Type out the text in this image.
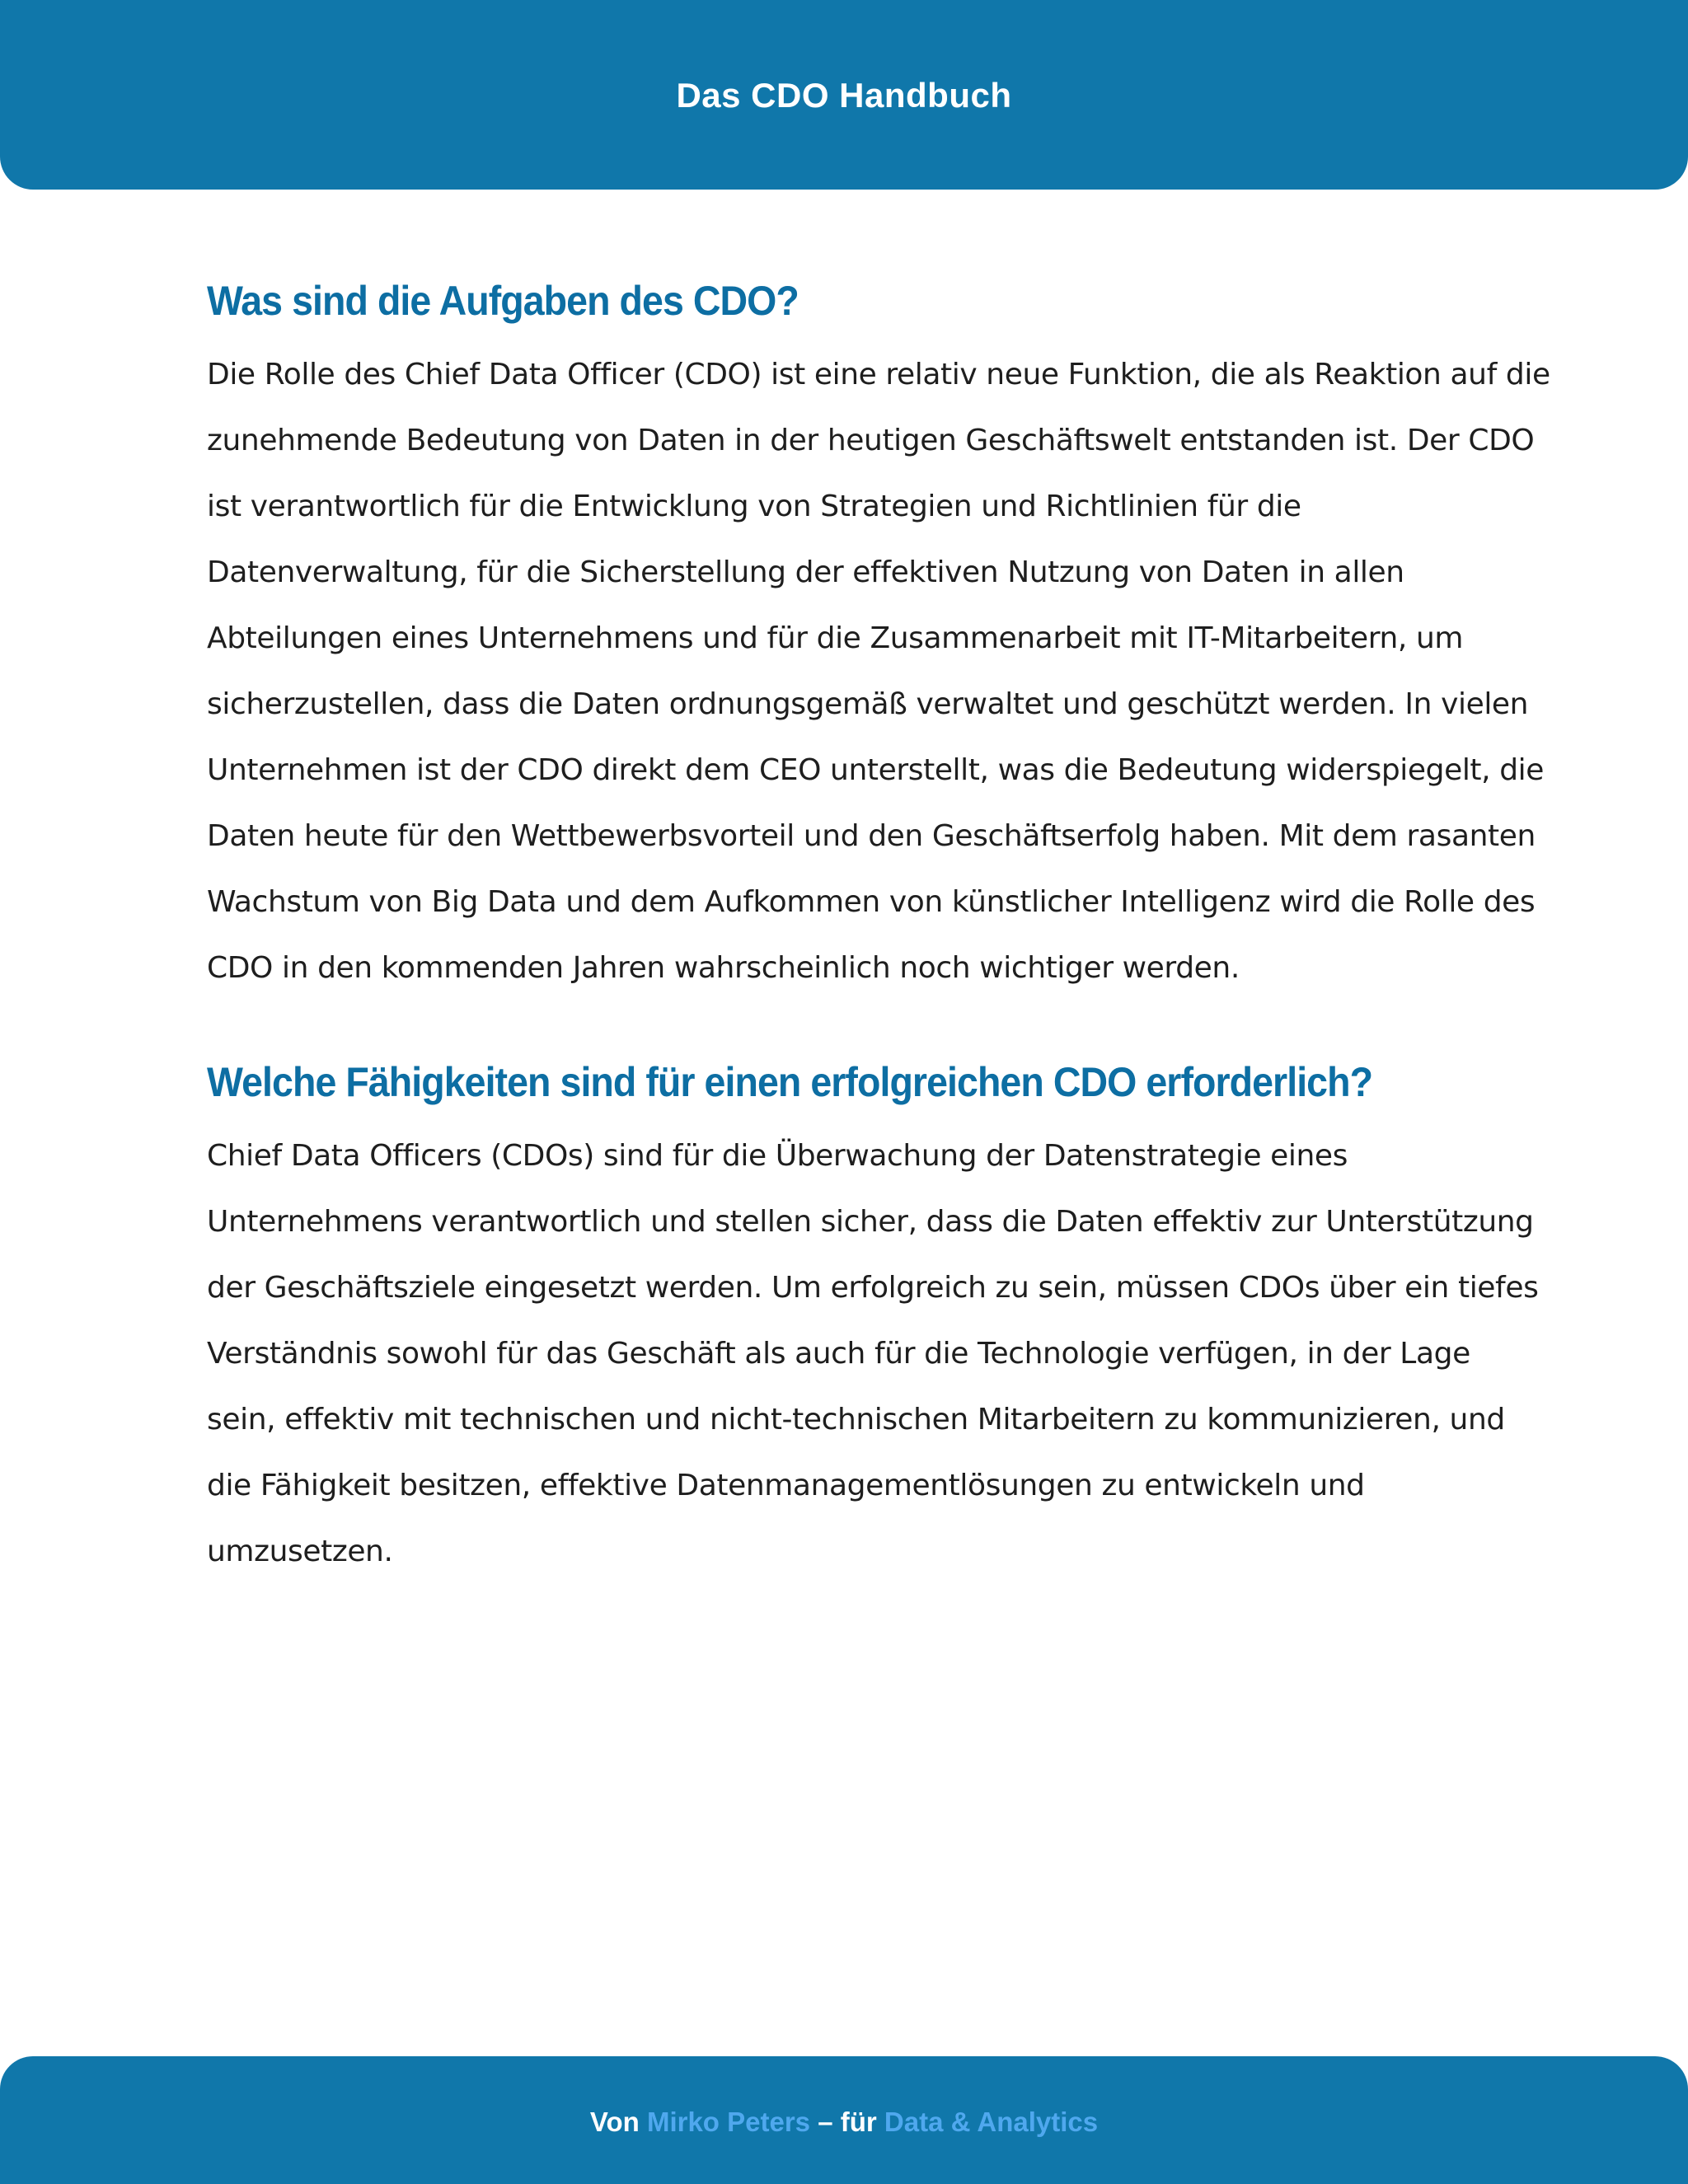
Das CDO Handbuch
Was sind die Aufgaben des CDO?

Die Rolle des Chief Data Officer (CDO) ist eine relativ neue Funktion, die als Reaktion auf die
zunehmende Bedeutung von Daten in der heutigen Geschäftswelt entstanden ist. Der CDO
ist verantwortlich für die Entwicklung von Strategien und Richtlinien für die
Datenverwaltung, für die Sicherstellung der effektiven Nutzung von Daten in allen
Abteilungen eines Unternehmens und für die Zusammenarbeit mit IT-Mitarbeitern, um
sicherzustellen, dass die Daten ordnungsgemäß verwaltet und geschützt werden. In vielen
Unternehmen ist der CDO direkt dem CEO unterstellt, was die Bedeutung widerspiegelt, die
Daten heute für den Wettbewerbsvorteil und den Geschäftserfolg haben. Mit dem rasanten
Wachstum von Big Data und dem Aufkommen von künstlicher Intelligenz wird die Rolle des
CDO in den kommenden Jahren wahrscheinlich noch wichtiger werden.

Welche Fähigkeiten sind für einen erfolgreichen CDO erforderlich?

Chief Data Officers (CDOs) sind für die Überwachung der Datenstrategie eines
Unternehmens verantwortlich und stellen sicher, dass die Daten effektiv zur Unterstützung
der Geschäftsziele eingesetzt werden. Um erfolgreich zu sein, müssen CDOs über ein tiefes
Verständnis sowohl für das Geschäft als auch für die Technologie verfügen, in der Lage
sein, effektiv mit technischen und nicht-technischen Mitarbeitern zu kommunizieren, und
die Fähigkeit besitzen, effektive Datenmanagementlösungen zu entwickeln und
umzusetzen.

Von Mirko Peters – für Data & Analytics
